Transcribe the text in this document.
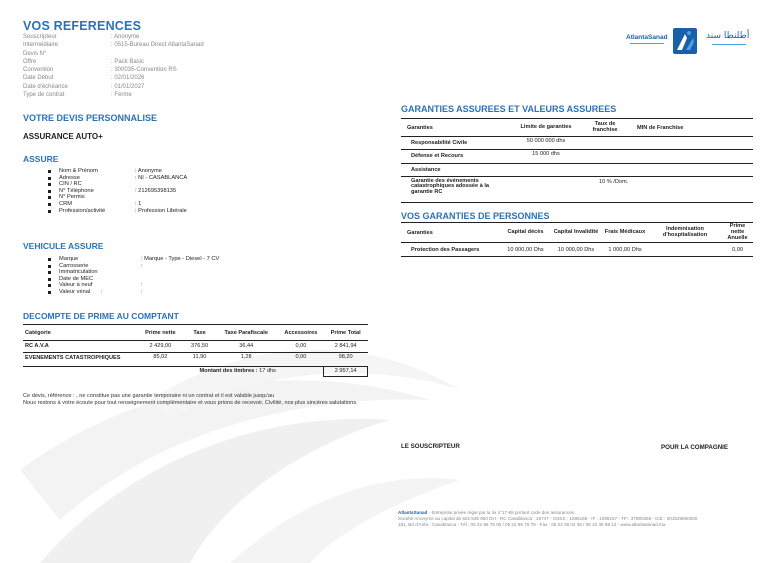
VOS REFERENCES
Souscripteur	: Anonyme
Intermédiaire	: 0515-Bureau Direct AtlantaSanad
Devis N°
Offre	: Pack Basic
Convention	: 300035-Convention RS
Date Début	: 02/01/2026
Date d'échéance	: 01/01/2027
Type de contrat	: Ferme
AtlantaSanad	أطلنطا سند
VOTRE DEVIS PERSONNALISE
ASSURANCE AUTO+
ASSURE
Nom & Prénom	: Anonyme
Adresse	: NI - CASABLANCA
CIN / RC
N° Téléphone	: 212695398135
N° Permis
CRM	: 1
Profession/activité	: Profession Libérale
VEHICULE ASSURE
Marque	: Marque - Type - Diesel - 7 CV
Carrosserie	:
Immatriculation
Date de MEC
Valeur à neuf	:
Valeur vénal	:	:
DECOMPTE DE PRIME AU COMPTANT
Catégorie	Prime nette	Taxe	Taxe Parafiscale	Accessoires	Prime Total
RC A.V.A	2 429,00	376,50	36,44	0,00	2 841,94
EVENEMENTS CATASTROPHIQUES	85,02	11,90	1,28	0,00	98,20
Montant des timbres : 17 dhs					2 957,14
Ce devis, référence : , ne constitue pas une garantie temporaire ni un contrat et il est valable jusqu'au
Nous restons à votre écoute pour tout renseignement complémentaire et vous prions de recevoir, Civilité, nos plus sincères salutations.
GARANTIES ASSUREES ET VALEURS ASSUREES
Garanties	Limite de garanties	Taux de franchise	MIN de Franchise
Responsabilité Civile	50 000 000 dhs		
Défense et Recours	15 000 dhs		
Assistance			
Garantie des événements catastrophiques adossée à la garantie RC		10 % /Dom.	
VOS GARANTIES DE PERSONNES
Garanties	Capital décès	Capital Invalidité	Frais Médicaux	Indemnisation d'hospitalisation	Prime nette Anuelle
Protection des Passagers	10 000,00 Dhs	10 000,00 Dhs	1 000,00 Dhs		0,00
LE SOUSCRIPTEUR	POUR LA COMPAGNIE
AtlantaSanad - Entreprise privée régie par la loi n°17-99 portant code des assurances.
Société Anonyme au capital de 602 836 950 DH - RC Casablanca : 16747 - CNSS : 1086169 - IF : 1066157 - TP : 37990358 - ICE : 001529660000
181, Bd d'Anfa - Casablanca - Tél : 05 22 95 78 00 / 05 22 95 76 76 - Fax : 05 22 36 04 36 / 05 22 36 98 12 - www.atlantasanad.ma
